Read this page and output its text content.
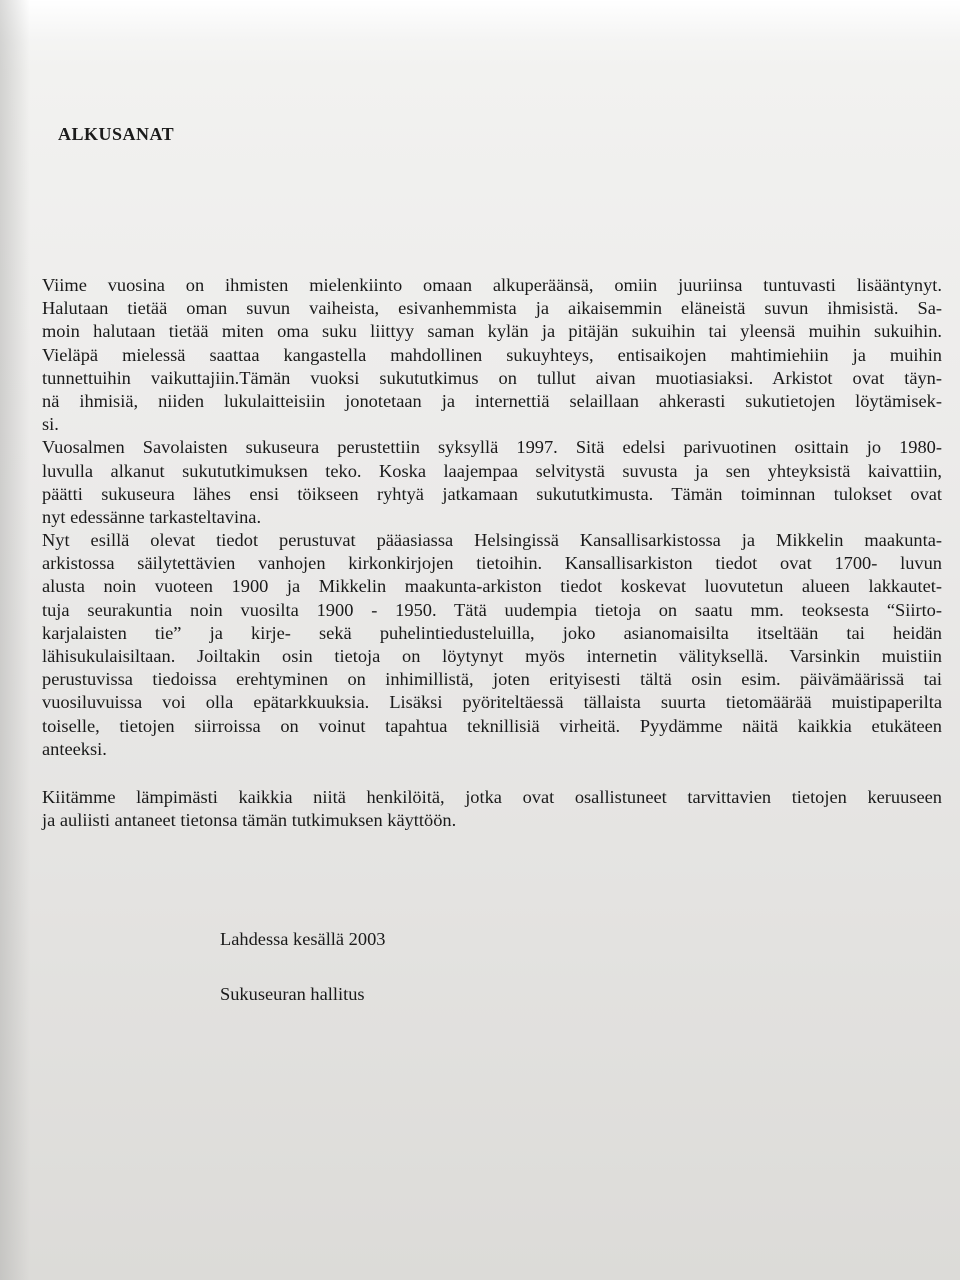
ALKUSANAT
Viime vuosina on ihmisten mielenkiinto omaan alkuperäänsä, omiin juuriinsa tuntuvasti lisääntynyt.
Halutaan tietää oman suvun vaiheista, esivanhemmista ja aikaisemmin eläneistä suvun ihmisistä. Sa-
moin halutaan tietää miten oma suku liittyy saman kylän ja pitäjän sukuihin tai yleensä muihin sukuihin.
Vieläpä mielessä saattaa kangastella mahdollinen sukuyhteys, entisaikojen mahtimiehiin ja muihin
tunnettuihin vaikuttajiin.Tämän vuoksi sukututkimus on tullut aivan muotiasiaksi. Arkistot ovat täyn-
nä ihmisiä, niiden lukulaitteisiin jonotetaan ja internettiä selaillaan ahkerasti sukutietojen löytämisek-
si.
Vuosalmen Savolaisten sukuseura perustettiin syksyllä 1997. Sitä edelsi parivuotinen osittain jo 1980-
luvulla alkanut sukututkimuksen teko. Koska laajempaa selvitystä suvusta ja sen yhteyksistä kaivattiin,
päätti sukuseura lähes ensi töikseen ryhtyä jatkamaan sukututkimusta. Tämän toiminnan tulokset ovat
nyt edessänne tarkasteltavina.
Nyt esillä olevat tiedot perustuvat pääasiassa Helsingissä Kansallisarkistossa ja Mikkelin maakunta-
arkistossa säilytettävien vanhojen kirkonkirjojen tietoihin. Kansallisarkiston tiedot ovat 1700- luvun
alusta noin vuoteen 1900 ja Mikkelin maakunta-arkiston tiedot koskevat luovutetun alueen lakkautet-
tuja seurakuntia noin vuosilta 1900 - 1950. Tätä uudempia tietoja on saatu mm. teoksesta “Siirto-
karjalaisten tie” ja kirje- sekä puhelintiedusteluilla, joko asianomaisilta itseltään tai heidän
lähisukulaisiltaan. Joiltakin osin tietoja on löytynyt myös internetin välityksellä. Varsinkin muistiin
perustuvissa tiedoissa erehtyminen on inhimillistä, joten erityisesti tältä osin esim. päivämäärissä tai
vuosiluvuissa voi olla epätarkkuuksia. Lisäksi pyöriteltäessä tällaista suurta tietomäärää muistipaperilta
toiselle, tietojen siirroissa on voinut tapahtua teknillisiä virheitä. Pyydämme näitä kaikkia etukäteen
anteeksi.
Kiitämme lämpimästi kaikkia niitä henkilöitä, jotka ovat osallistuneet tarvittavien tietojen keruuseen
ja auliisti antaneet tietonsa tämän tutkimuksen käyttöön.

Lahdessa kesällä 2003

Sukuseuran hallitus
